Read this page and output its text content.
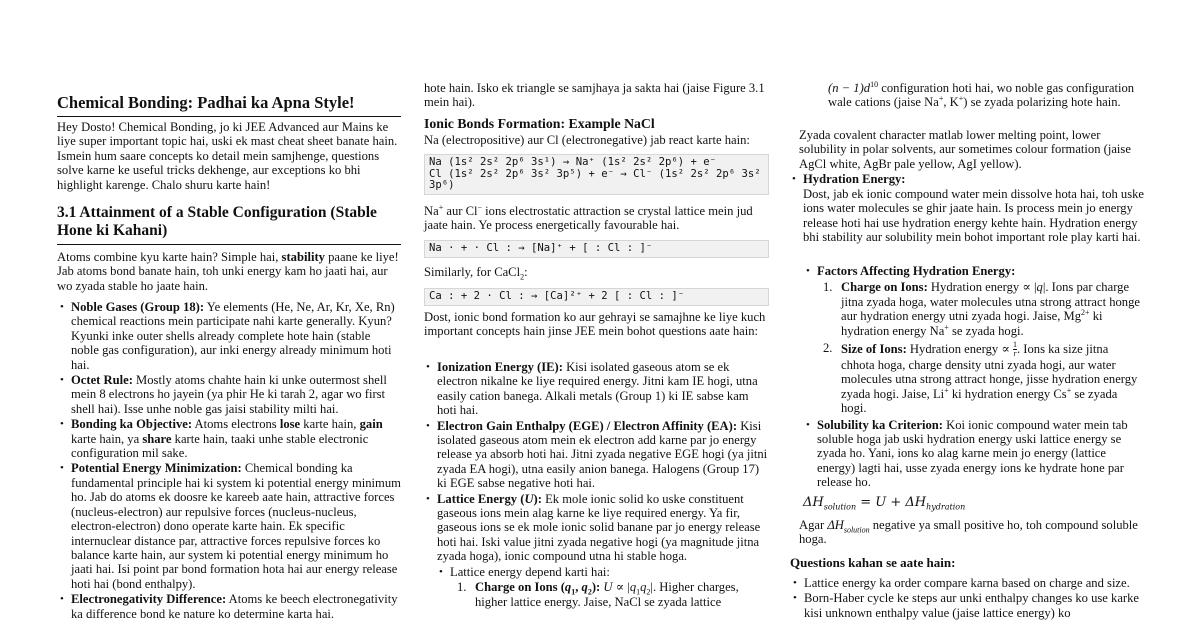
Chemical Bonding: Padhai ka Apna Style!

Hey Dosto! Chemical Bonding, jo ki JEE Advanced aur Mains ke liye super important topic hai, uski ek mast cheat sheet banate hain. Ismein hum saare concepts ko detail mein samjhenge, questions solve karne ke useful tricks dekhenge, aur exceptions ko bhi highlight karenge. Chalo shuru karte hain!

3.1 Attainment of a Stable Configuration (Stable Hone ki Kahani)

Atoms combine kyu karte hain? Simple hai, stability paane ke liye! Jab atoms bond banate hain, toh unki energy kam ho jaati hai, aur wo zyada stable ho jaate hain.

• Noble Gases (Group 18): Ye elements (He, Ne, Ar, Kr, Xe, Rn) chemical reactions mein participate nahi karte generally. Kyun? Kyunki inke outer shells already complete hote hain (stable noble gas configuration), aur inki energy already minimum hoti hai.
• Octet Rule: Mostly atoms chahte hain ki unke outermost shell mein 8 electrons ho jayein (ya phir He ki tarah 2, agar wo first shell hai). Isse unhe noble gas jaisi stability milti hai.
• Bonding ka Objective: Atoms electrons lose karte hain, gain karte hain, ya share karte hain, taaki unhe stable electronic configuration mil sake.
• Potential Energy Minimization: Chemical bonding ka fundamental principle hai ki system ki potential energy minimum ho. Jab do atoms ek doosre ke kareeb aate hain, attractive forces (nucleus-electron) aur repulsive forces (nucleus-nucleus, electron-electron) dono operate karte hain. Ek specific internuclear distance par, attractive forces repulsive forces ko balance karte hain, aur system ki potential energy minimum ho jaati hai. Isi point par bond formation hota hai aur energy release hoti hai (bond enthalpy).
• Electronegativity Difference: Atoms ke beech electronegativity ka difference bond ke nature ko determine karta hai.

hote hain. Isko ek triangle se samjhaya ja sakta hai (jaise Figure 3.1 mein hai).

Ionic Bonds Formation: Example NaCl

Na (electropositive) aur Cl (electronegative) jab react karte hain:

Na (1s² 2s² 2p⁶ 3s¹) → Na⁺ (1s² 2s² 2p⁶) + e⁻
Cl (1s² 2s² 2p⁶ 3s² 3p⁵) + e⁻ → Cl⁻ (1s² 2s² 2p⁶ 3s² 3p⁶)

Na+ aur Cl− ions electrostatic attraction se crystal lattice mein jud jaate hain. Ye process energetically favourable hai.

Na · + · Cl : → [Na]⁺ + [ : Cl : ]⁻

Similarly, for CaCl$_2$:

Ca : + 2 · Cl : → [Ca]²⁺ + 2 [ : Cl : ]⁻

Dost, ionic bond formation ko aur gehrayi se samajhne ke liye kuch important concepts hain jinse JEE mein bohot questions aate hain:

• Ionization Energy (IE): Kisi isolated gaseous atom se ek electron nikalne ke liye required energy. Jitni kam IE hogi, utna easily cation banega. Alkali metals (Group 1) ki IE sabse kam hoti hai.
• Electron Gain Enthalpy (EGE) / Electron Affinity (EA): Kisi isolated gaseous atom mein ek electron add karne par jo energy release ya absorb hoti hai. Jitni zyada negative EGE hogi (ya jitni zyada EA hogi), utna easily anion banega. Halogens (Group 17) ki EGE sabse negative hoti hai.
• Lattice Energy (U): Ek mole ionic solid ko uske constituent gaseous ions mein alag karne ke liye required energy. Ya fir, gaseous ions se ek mole ionic solid banane par jo energy release hoti hai. Iski value jitni zyada negative hogi (ya magnitude jitna zyada hoga), ionic compound utna hi stable hoga.
• Lattice energy depend karti hai:
1. Charge on Ions ($q_1$, $q_2$): $U \propto |q_1q_2|$. Higher charges, higher lattice energy. Jaise, NaCl se zyada lattice

$(n - 1)d^{10}$ configuration hoti hai, wo noble gas configuration wale cations (jaise Na+, K+) se zyada polarizing hote hain.

Zyada covalent character matlab lower melting point, lower solubility in polar solvents, aur sometimes colour formation (jaise AgCl white, AgBr pale yellow, AgI yellow).

• Hydration Energy:

Dost, jab ek ionic compound water mein dissolve hota hai, toh uske ions water molecules se ghir jaate hain. Is process mein jo energy release hoti hai use hydration energy kehte hain. Hydration energy bhi stability aur solubility mein bohot important role play karti hai.

• Factors Affecting Hydration Energy:
1. Charge on Ions: Hydration energy ∝ |q|. Ions par charge jitna zyada hoga, water molecules utna strong attract honge aur hydration energy utni zyada hogi. Jaise, $Mg^{2+}$ ki hydration energy Na+ se zyada hogi.
2. Size of Ions: Hydration energy ∝ $\frac{1}{r}$ . Ions ka size jitna chhota hoga, charge density utni zyada hogi, aur water molecules utna strong attract honge, jisse hydration energy zyada hogi. Jaise, Li+ ki hydration energy Cs+ se zyada hogi.
• Solubility ka Criterion: Koi ionic compound water mein tab soluble hoga jab uski hydration energy uski lattice energy se zyada ho. Yani, ions ko alag karne mein jo energy (lattice energy) lagti hai, usse zyada energy ions ke hydrate hone par release ho.
$\Delta H_{solution} = U + \Delta H_{hydration}$

Agar $\Delta H_{solution}$ negative ya small positive ho, toh compound soluble hoga.

Questions kahan se aate hain:
• Lattice energy ka order compare karna based on charge and size.
• Born-Haber cycle ke steps aur unki enthalpy changes ko use karke kisi unknown enthalpy value (jaise lattice energy) ko
